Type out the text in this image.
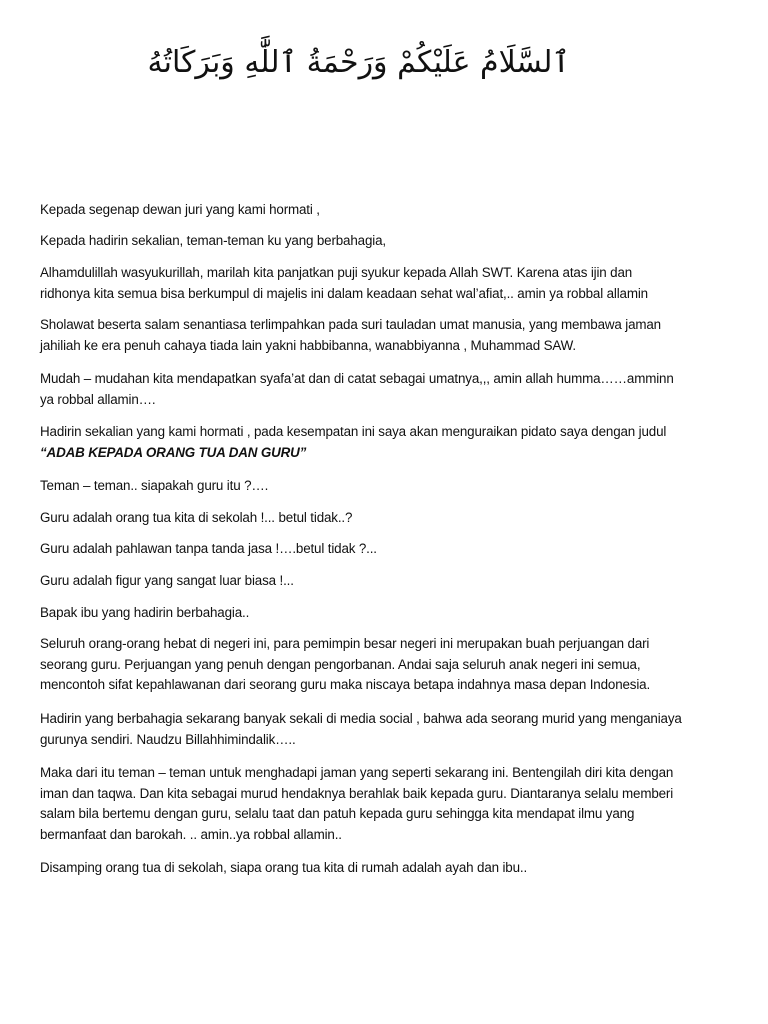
ٱلسَّلَامُ عَلَيْكُمْ وَرَحْمَةُ ٱللَّٰهِ وَبَرَكَاتُهُ
Kepada segenap dewan juri yang kami hormati ,
Kepada hadirin sekalian, teman-teman ku yang berbahagia,
Alhamdulillah wasyukurillah, marilah kita panjatkan puji syukur kepada Allah SWT. Karena atas ijin dan
ridhonya kita semua bisa berkumpul di majelis ini dalam keadaan sehat wal’afiat,.. amin ya robbal allamin
Sholawat beserta salam senantiasa terlimpahkan pada suri tauladan umat manusia, yang membawa jaman
jahiliah ke era penuh cahaya tiada lain yakni habbibanna, wanabbiyanna , Muhammad SAW.
Mudah – mudahan kita mendapatkan syafa’at dan di catat sebagai umatnya,,, amin allah humma……amminn
ya robbal allamin….
Hadirin sekalian yang kami hormati , pada kesempatan ini saya akan menguraikan pidato saya dengan judul
“ADAB KEPADA ORANG TUA DAN GURU”
Teman – teman.. siapakah guru itu ?….
Guru adalah orang tua kita di sekolah !... betul tidak..?
Guru adalah pahlawan tanpa tanda jasa !….betul tidak ?...
Guru adalah figur yang sangat luar biasa !...
Bapak ibu yang hadirin berbahagia..
Seluruh orang-orang hebat di negeri ini, para pemimpin besar negeri ini merupakan buah perjuangan dari
seorang guru. Perjuangan yang penuh dengan pengorbanan. Andai saja seluruh anak negeri ini semua,
mencontoh sifat kepahlawanan dari seorang guru maka niscaya betapa indahnya masa depan Indonesia.
Hadirin yang berbahagia sekarang banyak sekali di media social , bahwa ada seorang murid yang menganiaya
gurunya sendiri. Naudzu Billahhimindalik…..
Maka dari itu teman – teman untuk menghadapi jaman yang seperti sekarang ini. Bentengilah diri kita dengan
iman dan taqwa. Dan kita sebagai murud hendaknya berahlak baik kepada guru. Diantaranya selalu memberi
salam bila bertemu dengan guru, selalu taat dan patuh kepada guru sehingga kita mendapat ilmu yang
bermanfaat dan barokah. .. amin..ya robbal allamin..
Disamping orang tua di sekolah, siapa orang tua kita di rumah adalah ayah dan ibu..
